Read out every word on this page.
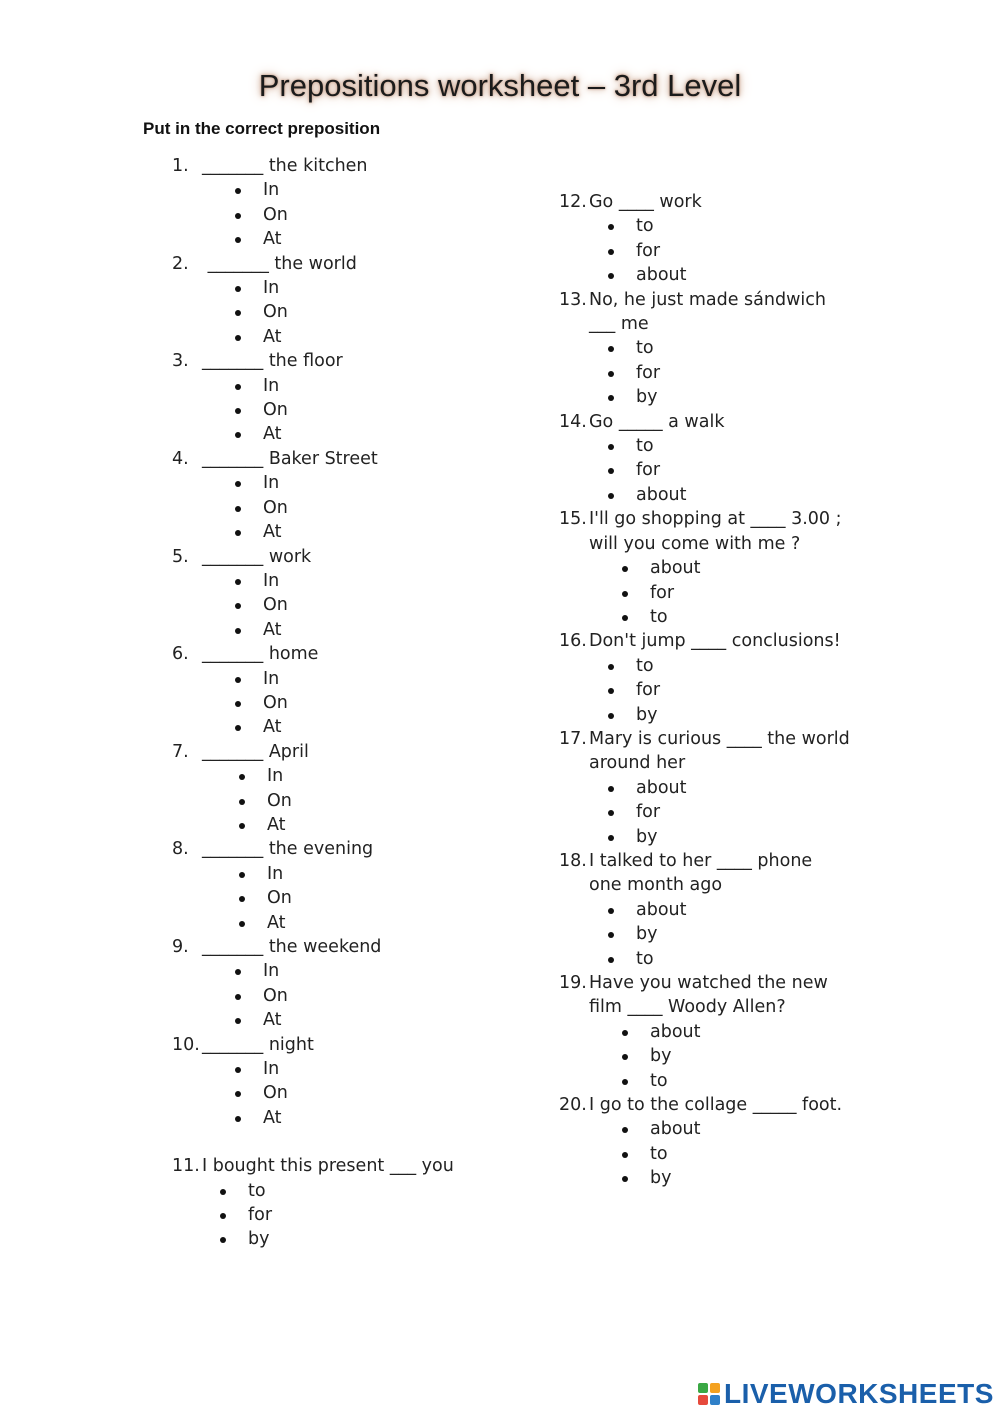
Prepositions worksheet – 3rd Level
Put in the correct preposition
1. _______ the kitchen
In
On
At
2. _______ the world
In
On
At
3. _______ the floor
In
On
At
4. _______ Baker Street
In
On
At
5. _______ work
In
On
At
6. _______ home
In
On
At
7. _______ April
In
On
At
8. _______ the evening
In
On
At
9. _______ the weekend
In
On
At
10. _______ night
In
On
At
11. I bought this present ___ you
to
for
by
12. Go ____ work
to
for
about
13. No, he just made sándwich
___ me
to
for
by
14. Go _____ a walk
to
for
about
15. I'll go shopping at ____ 3.00 ;
will you come with me ?
about
for
to
16. Don't jump ____ conclusions!
to
for
by
17. Mary is curious ____ the world
around her
about
for
by
18. I talked to her ____ phone
one month ago
about
by
to
19. Have you watched the new
film ____ Woody Allen?
about
by
to
20. I go to the collage _____ foot.
about
to
by
LIVEWORKSHEETS
